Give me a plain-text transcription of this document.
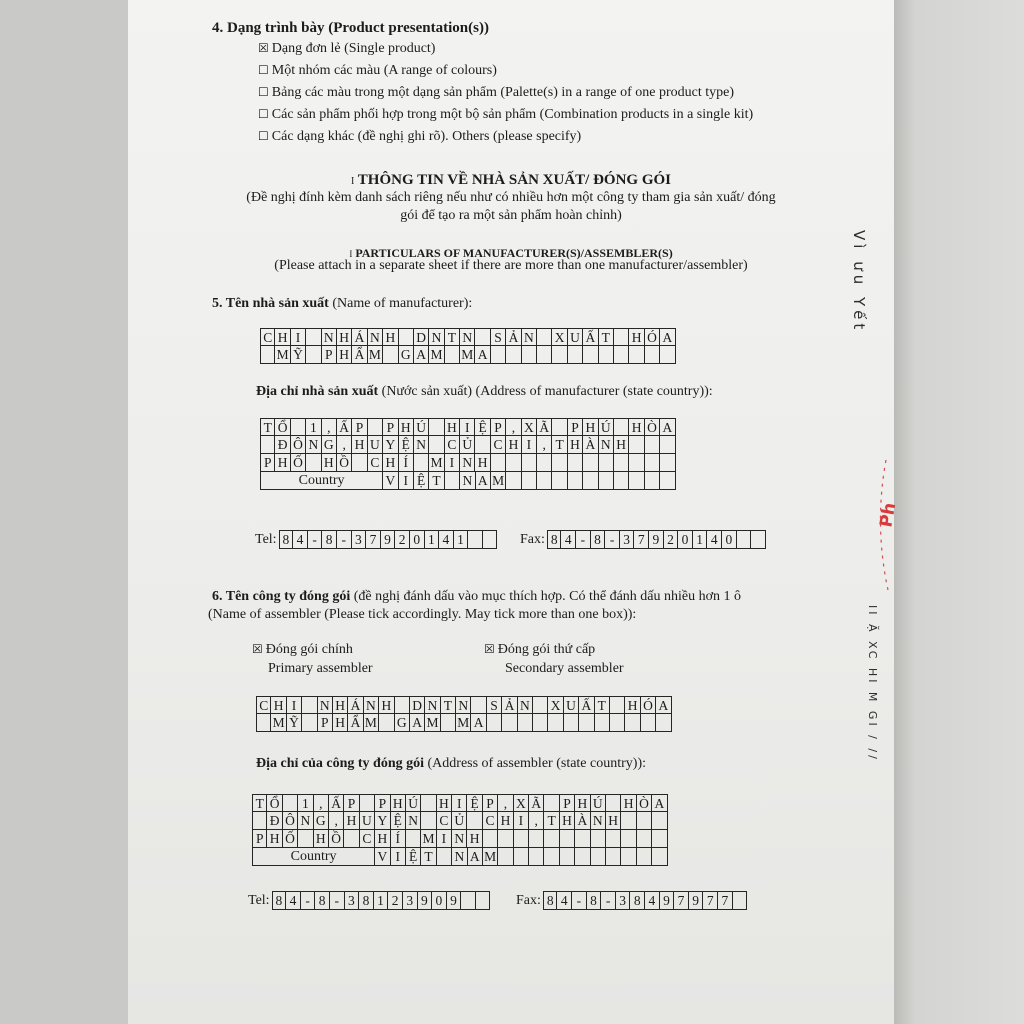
4. Dạng trình bày (Product presentation(s))
☒ Dạng đơn lẻ (Single product)
☐ Một nhóm các màu (A range of colours)
☐ Bảng các màu trong một dạng sản phẩm (Palette(s) in a range of one product type)
☐ Các sản phẩm phối hợp trong một bộ sản phẩm (Combination products in a single kit)
☐ Các dạng khác (đề nghị ghi rõ). Others (please specify)
I THÔNG TIN VỀ NHÀ SẢN XUẤT/ ĐÓNG GÓI
(Đề nghị đính kèm danh sách riêng nếu như có nhiều hơn một công ty tham gia sản xuất/ đóng
gói để tạo ra một sản phẩm hoàn chỉnh)
I PARTICULARS OF MANUFACTURER(S)/ASSEMBLER(S)
(Please attach in a separate sheet if there are more than one manufacturer/assembler)
5. Tên nhà sản xuất (Name of manufacturer):
C H I	N H Á N H D N T N S Ả N X U Ấ T	H Ó A
M Ỹ P H Ẩ M G A M M A
Địa chỉ nhà sản xuất (Nước sản xuất) (Address of manufacturer (state country)):
T Ổ 1 , Ấ P	P H Ú H I Ệ P , X Ã P H Ú H Ò A
Đ Ô N G , H U Y Ệ N C Ủ C H I , T H À N H
P H Ố H Ồ C H Í	M I N H
Country	V I Ệ T	N A M
Tel: 8 4 - 8 - 3 7 9 2 0 1 4 1	Fax: 8 4 - 8 - 3 7 9 2 0 1 4 0
6. Tên công ty đóng gói (đề nghị đánh dấu vào mục thích hợp. Có thể đánh dấu nhiều hơn 1 ô
(Name of assembler (Please tick accordingly. May tick more than one box)):
☒ Đóng gói chính
Primary assembler
☒ Đóng gói thứ cấp
Secondary assembler
C H I	N H Á N H D N T N S Ả N X U Ấ T	H Ó A
M Ỹ P H Ẩ M G A M M A
Địa chỉ của công ty đóng gói (Address of assembler (state country)):
T Ổ 1 , Ấ P	P H Ú H I Ệ P , X Ã P H Ú H Ò A
Đ Ô N G , H U Y Ệ N C Ủ C H I , T H À N H
P H Ố H Ồ C H Í	M I N H
Country	V I Ệ T	N A M
Tel: 8 4 - 8 - 3 8 1 2 3 9 0 9	Fax: 8 4 - 8 - 3 8 4 9 7 9 7 7
Vì ưu Yết
II Ặ XC HI M GI / //
Ph
